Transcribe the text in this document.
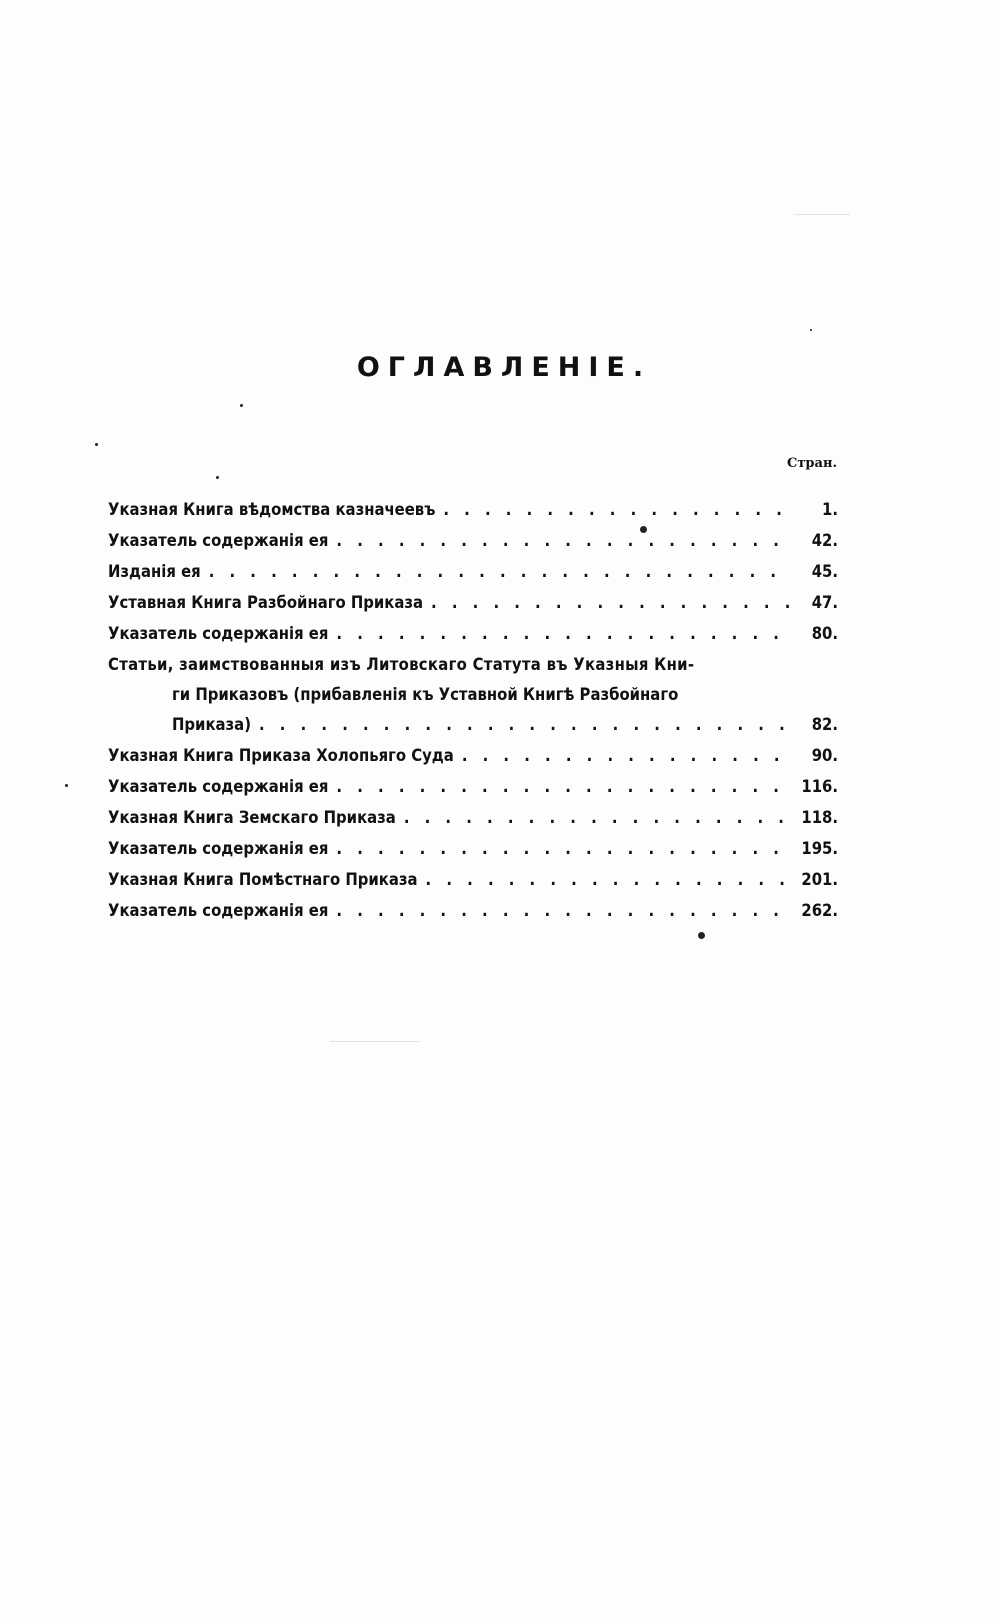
ОГЛАВЛЕНІЕ.
Стран.
Указная Книга вѣдомства казначеевъ . . .	1.
Указатель содержанія ея . . .	42.
Изданія ея . . .	45.
Уставная Книга Разбойнаго Приказа . . .	47.
Указатель содержанія ея . . .	80.
Статьи, заимствованныя изъ Литовскаго Статута въ Указныя Кни-
ги Приказовъ (прибавленія къ Уставной Книгѣ Разбойнаго
Приказа) . . .	82.
Указная Книга Приказа Холопьяго Суда . . .	90.
Указатель содержанія ея . . .	116.
Указная Книга Земскаго Приказа . . .	118.
Указатель содержанія ея . . .	195.
Указная Книга Помѣстнаго Приказа . . .	201.
Указатель содержанія ея . . .	262.
